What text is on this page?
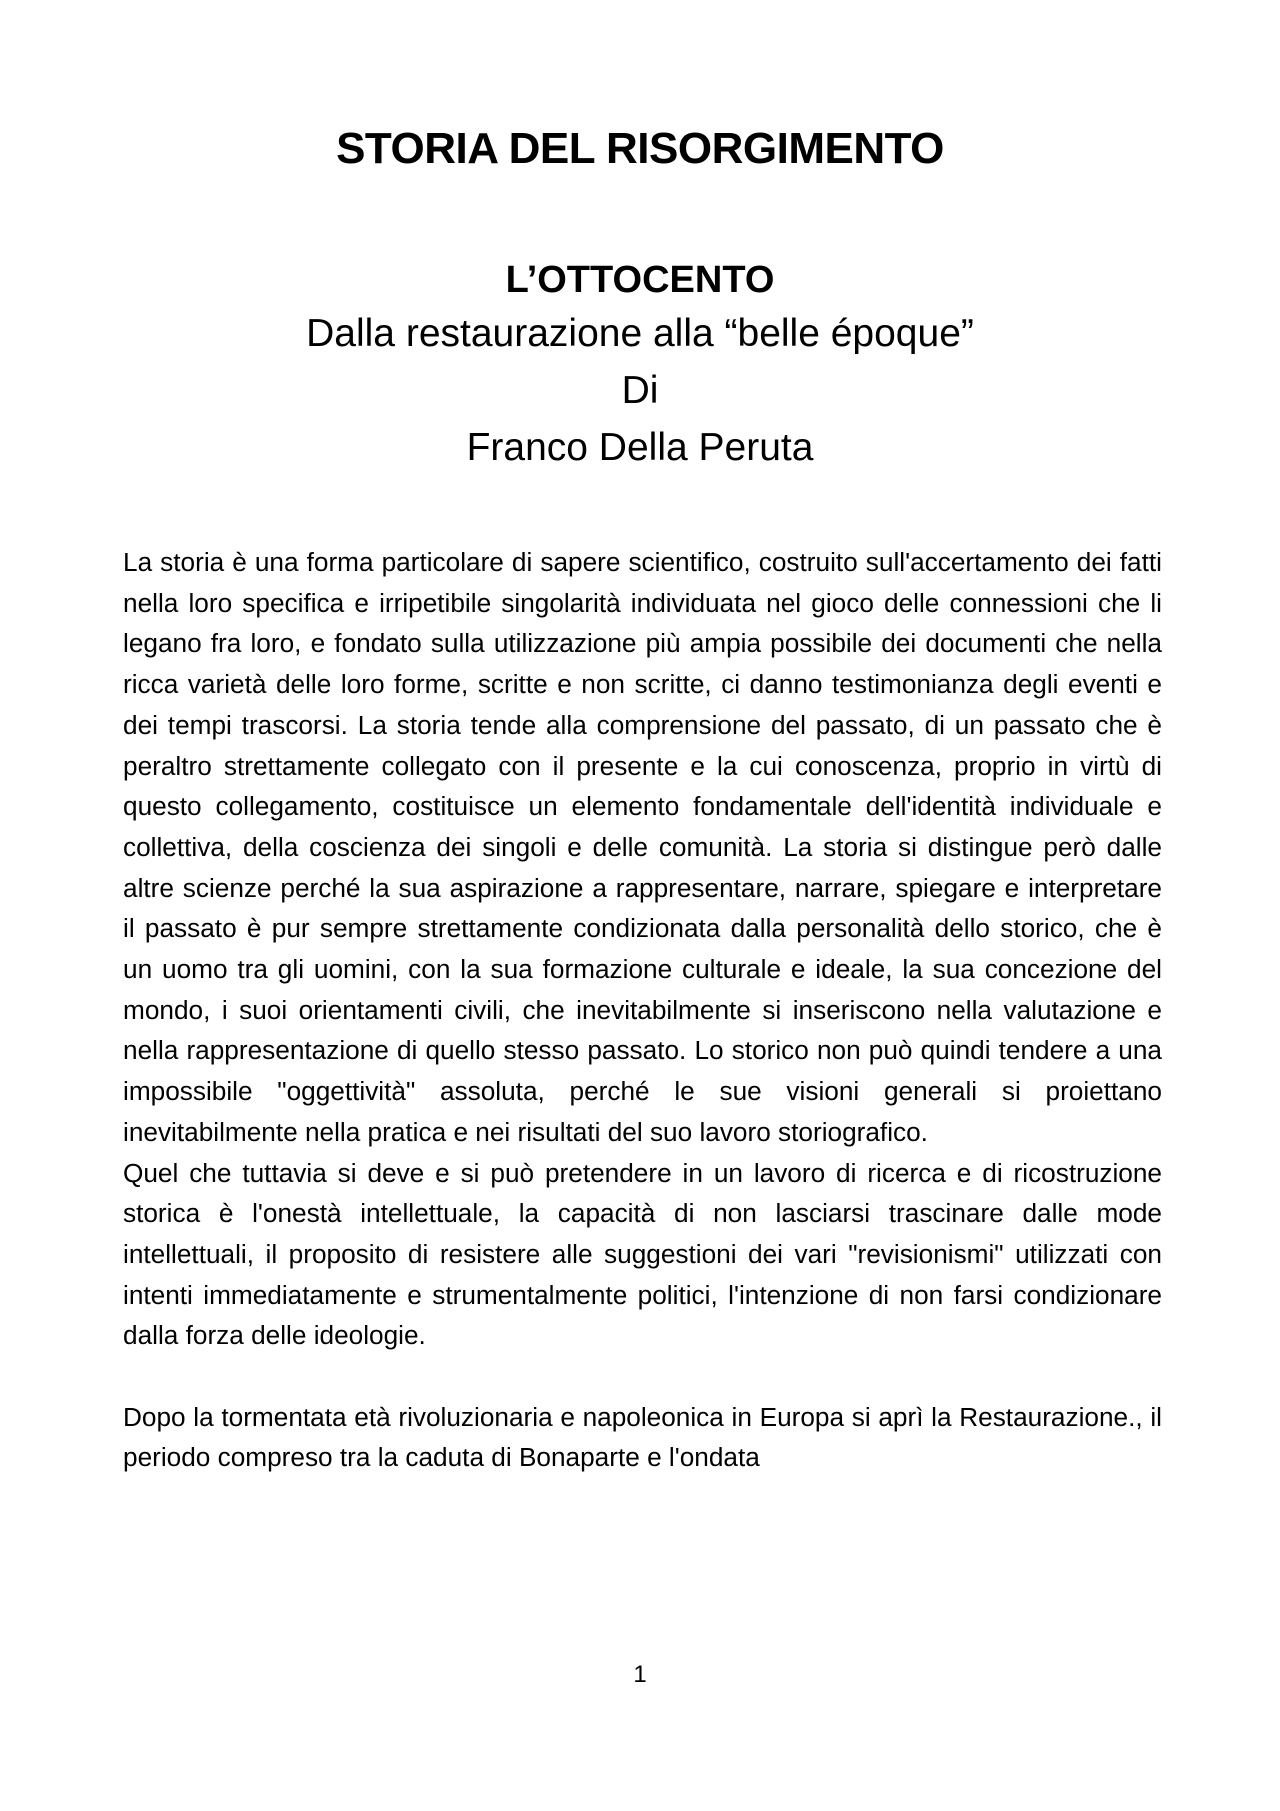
STORIA DEL RISORGIMENTO
L’OTTOCENTO
Dalla restaurazione alla “belle époque”
Di
Franco Della Peruta

La storia è una forma particolare di sapere scientifico, costruito sull'accertamento dei fatti nella loro specifica e irripetibile singolarità individuata nel gioco delle connessioni che li legano fra loro, e fondato sulla utilizzazione più ampia possibile dei documenti che nella ricca varietà delle loro forme, scritte e non scritte, ci danno testimonianza degli eventi e dei tempi trascorsi. La storia tende alla comprensione del passato, di un passato che è peraltro strettamente collegato con il presente e la cui conoscenza, proprio in virtù di questo collegamento, costituisce un elemento fondamentale dell'identità individuale e collettiva, della coscienza dei singoli e delle comunità. La storia si distingue però dalle altre scienze perché la sua aspirazione a rappresentare, narrare, spiegare e interpretare il passato è pur sempre strettamente condizionata dalla personalità dello storico, che è un uomo tra gli uomini, con la sua formazione culturale e ideale, la sua concezione del mondo, i suoi orientamenti civili, che inevitabilmente si inseriscono nella valutazione e nella rappresentazione di quello stesso passato. Lo storico non può quindi tendere a una impossibile "oggettività" assoluta, perché le sue visioni generali si proiettano inevitabilmente nella pratica e nei risultati del suo lavoro storiografico.

Quel che tuttavia si deve e si può pretendere in un lavoro di ricerca e di ricostruzione storica è l'onestà intellettuale, la capacità di non lasciarsi trascinare dalle mode intellettuali, il proposito di resistere alle suggestioni dei vari "revisionismi" utilizzati con intenti immediatamente e strumentalmente politici, l'intenzione di non farsi condizionare dalla forza delle ideologie.

Dopo la tormentata età rivoluzionaria e napoleonica in Europa si aprì la Restaurazione., il periodo compreso tra la caduta di Bonaparte e l'ondata

1
